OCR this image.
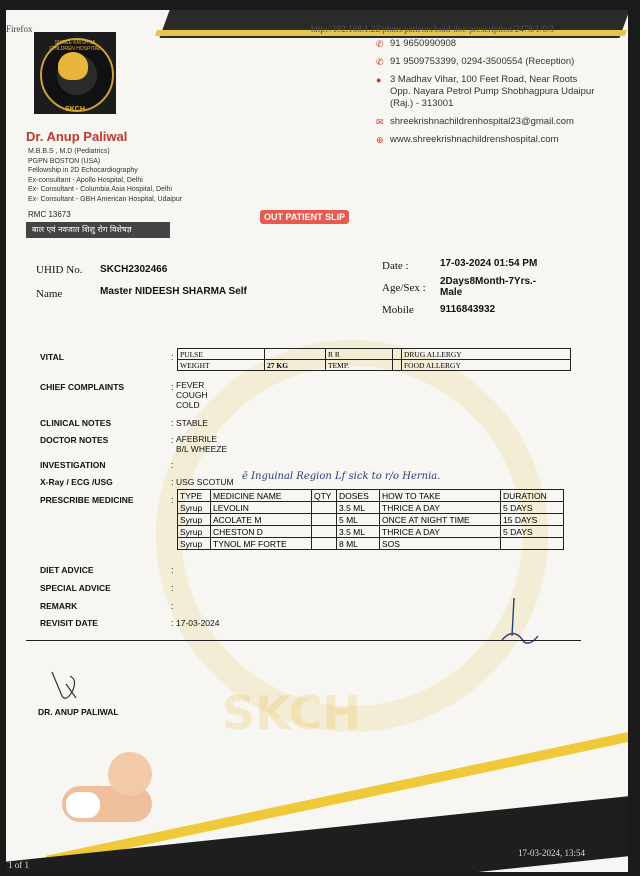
Firefox	http://192.168.1.22/phms/patients/load-doc-prescription/2478/1/0/3
SHREE KRISHNA CHILDREN HOSPITAL
SKCH
Dr. Anup Paliwal
M.B.B.S , M.D (Pediatrics)
PGPN BOSTON (USA)
Fellowship in 2D Echocardiography
Ex-consultant - Apollo Hospital, Delhi
Ex- Consultant - Columbia Asia Hospital, Delhi
Ex- Consultant - GBH American Hospital, Udaipur
RMC 13673
बाल एवं नवजात शिशु रोग विशेषज्ञ
✆ 91 9650990908
✆ 91 9509753399, 0294-3500554 (Reception)
● 3 Madhav Vihar, 100 Feet Road, Near Roots Opp. Nayara Petrol Pump Shobhagpura Udaipur (Raj.) - 313001
✉ shreekrishnachildrenhospital23@gmail.com
⊕ www.shreekrishnachildrenshospital.com
OUT PATIENT SLIP
SKCH
UHID No. SKCH2302466
Name	Master NIDEESH SHARMA Self
Date :	17-03-2024 01:54 PM
Age/Sex :
2Days8Month-7Yrs.- Male
Mobile	9116843932
VITAL	: PULSE		R R		DRUG ALLERGY
WEIGHT	27 KG	TEMP.		FOOD ALLERGY
CHIEF COMPLAINTS	: FEVER
COUGH
COLD
CLINICAL NOTES	: STABLE
DOCTOR NOTES	: AFEBRILE
B/L WHEEZE
INVESTIGATION	:
X-Ray / ECG /USG	: USG SCOTUM ē Inguinal Region Lf sick to r/o Hernia.
PRESCRIBE MEDICINE	: TYPE	MEDICINE NAME	QTY	DOSES	HOW TO TAKE	DURATION
Syrup	LEVOLIN		3.5 ML	THRICE A DAY	5 DAYS
Syrup	ACOLATE M		5 ML	ONCE AT NIGHT TIME	15 DAYS
Syrup	CHESTON D		3.5 ML	THRICE A DAY	5 DAYS
Syrup	TYNOL MF FORTE		8 ML	SOS	
DIET ADVICE	:
SPECIAL ADVICE	:
REMARK	:
REVISIT DATE	: 17-03-2024
DR. ANUP PALIWAL
1 of 1
17-03-2024, 13:54
